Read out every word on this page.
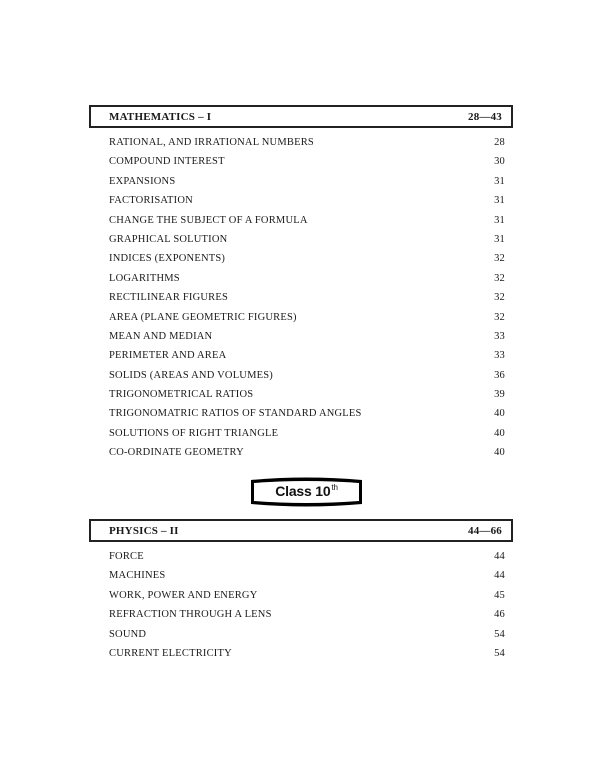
MATHEMATICS – I	28—43
RATIONAL, AND IRRATIONAL NUMBERS	28
COMPOUND INTEREST	30
EXPANSIONS	31
FACTORISATION	31
CHANGE THE SUBJECT OF A FORMULA	31
GRAPHICAL SOLUTION	31
INDICES (EXPONENTS)	32
LOGARITHMS	32
RECTILINEAR FIGURES	32
AREA (PLANE GEOMETRIC FIGURES)	32
MEAN AND MEDIAN	33
PERIMETER AND AREA	33
SOLIDS (AREAS AND VOLUMES)	36
TRIGONOMETRICAL RATIOS	39
TRIGONOMATRIC RATIOS OF STANDARD ANGLES	40
SOLUTIONS OF RIGHT TRIANGLE	40
CO-ORDINATE GEOMETRY	40
Class 10th
PHYSICS – II	44—66
FORCE	44
MACHINES	44
WORK, POWER AND ENERGY	45
REFRACTION THROUGH A LENS	46
SOUND	54
CURRENT ELECTRICITY	54
